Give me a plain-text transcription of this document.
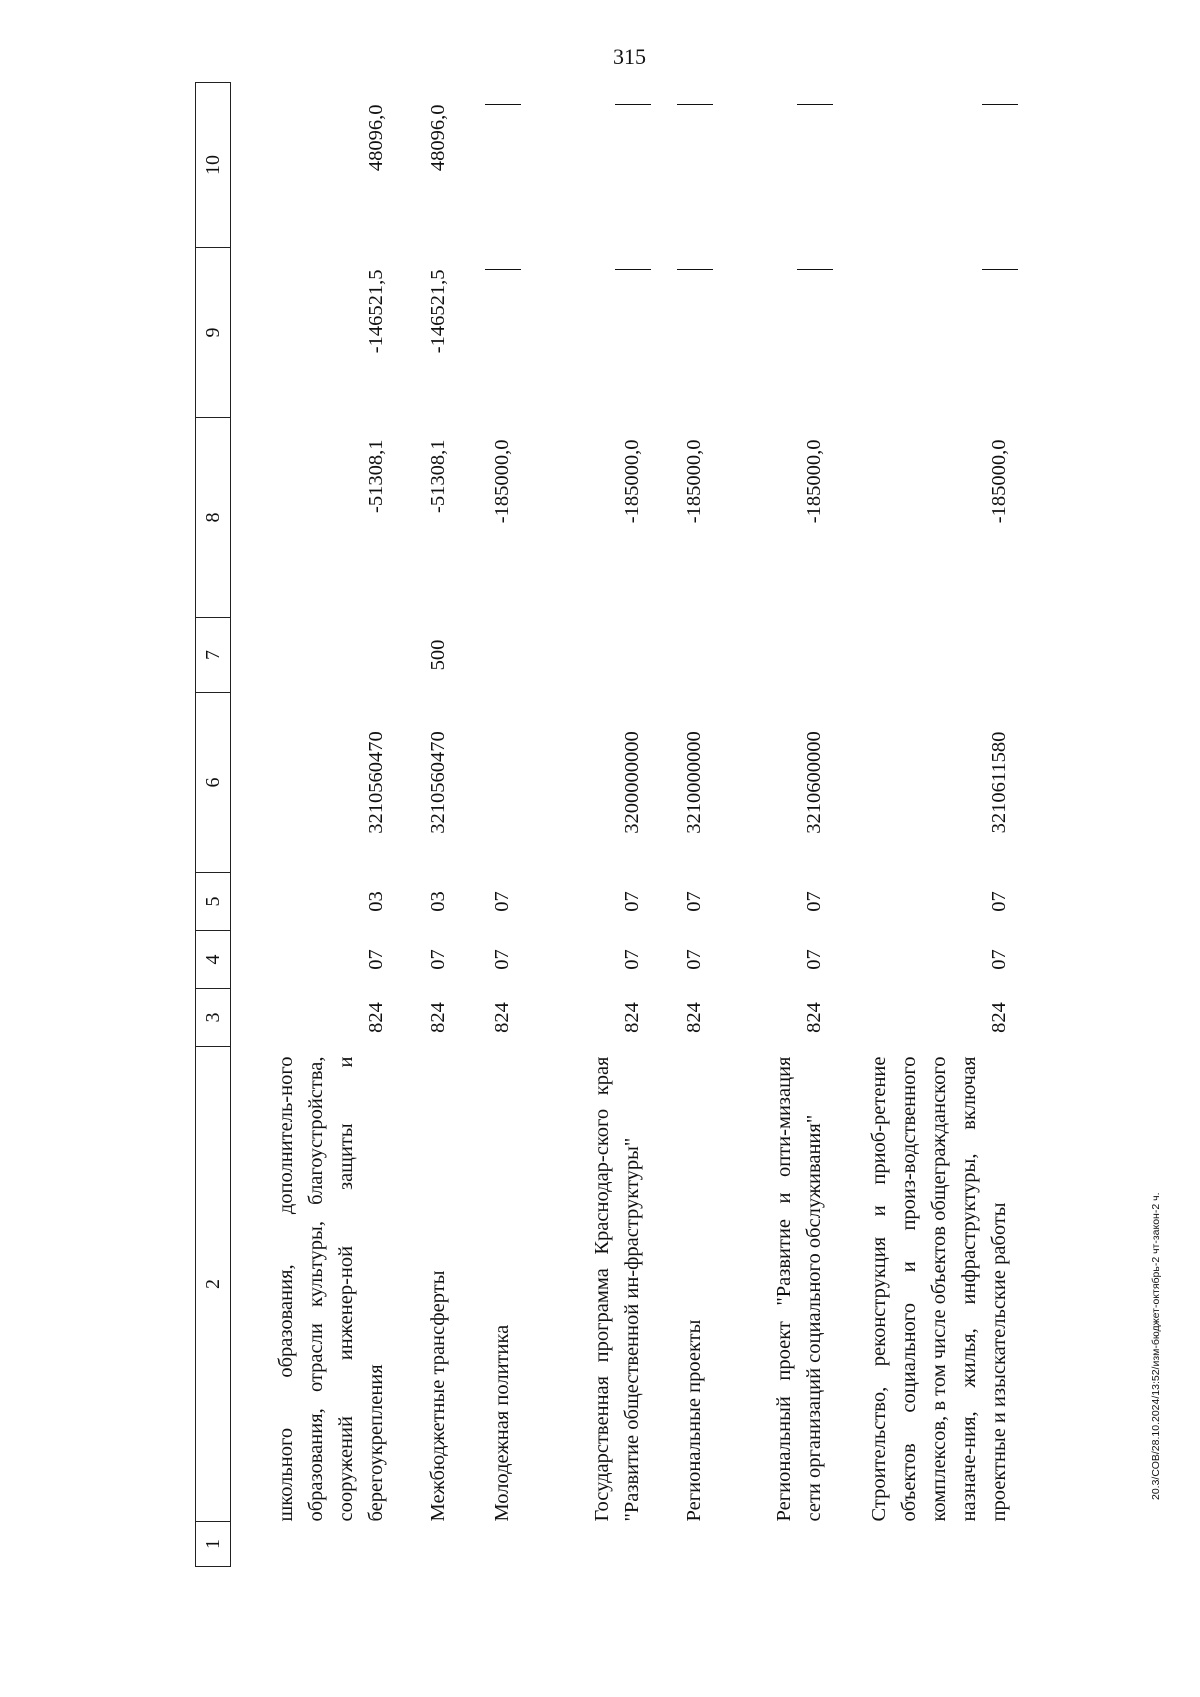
315
1	2	3	4	5	6	7	8	9	10
	школьного образования, дополнитель-ного образования, отрасли культуры, благоустройства, сооружений инженер-ной защиты и берегоукрепления	824	07	03	3210560470		-51308,1	-146521,5	48096,0
	Межбюджетные трансферты	824	07	03	3210560470	500	-51308,1	-146521,5	48096,0
	Молодежная политика	824	07	07			-185000,0		
	Государственная программа Краснодар-ского края "Развитие общественной ин-фраструктуры"	824	07	07	3200000000		-185000,0		
	Региональные проекты	824	07	07	3210000000		-185000,0		
	Региональный проект "Развитие и опти-мизация сети организаций социального обслуживания"	824	07	07	3210600000		-185000,0		
	Строительство, реконструкция и приоб-ретение объектов социального и произ-водственного комплексов, в том числе объектов общегражданского назначе-ния, жилья, инфраструктуры, включая проектные и изыскательские работы	824	07	07	3210611580		-185000,0		
20.3/СОВ/28.10.2024/13:52/изм-бюджет-октябрь-2 чт-закон-2 ч.
